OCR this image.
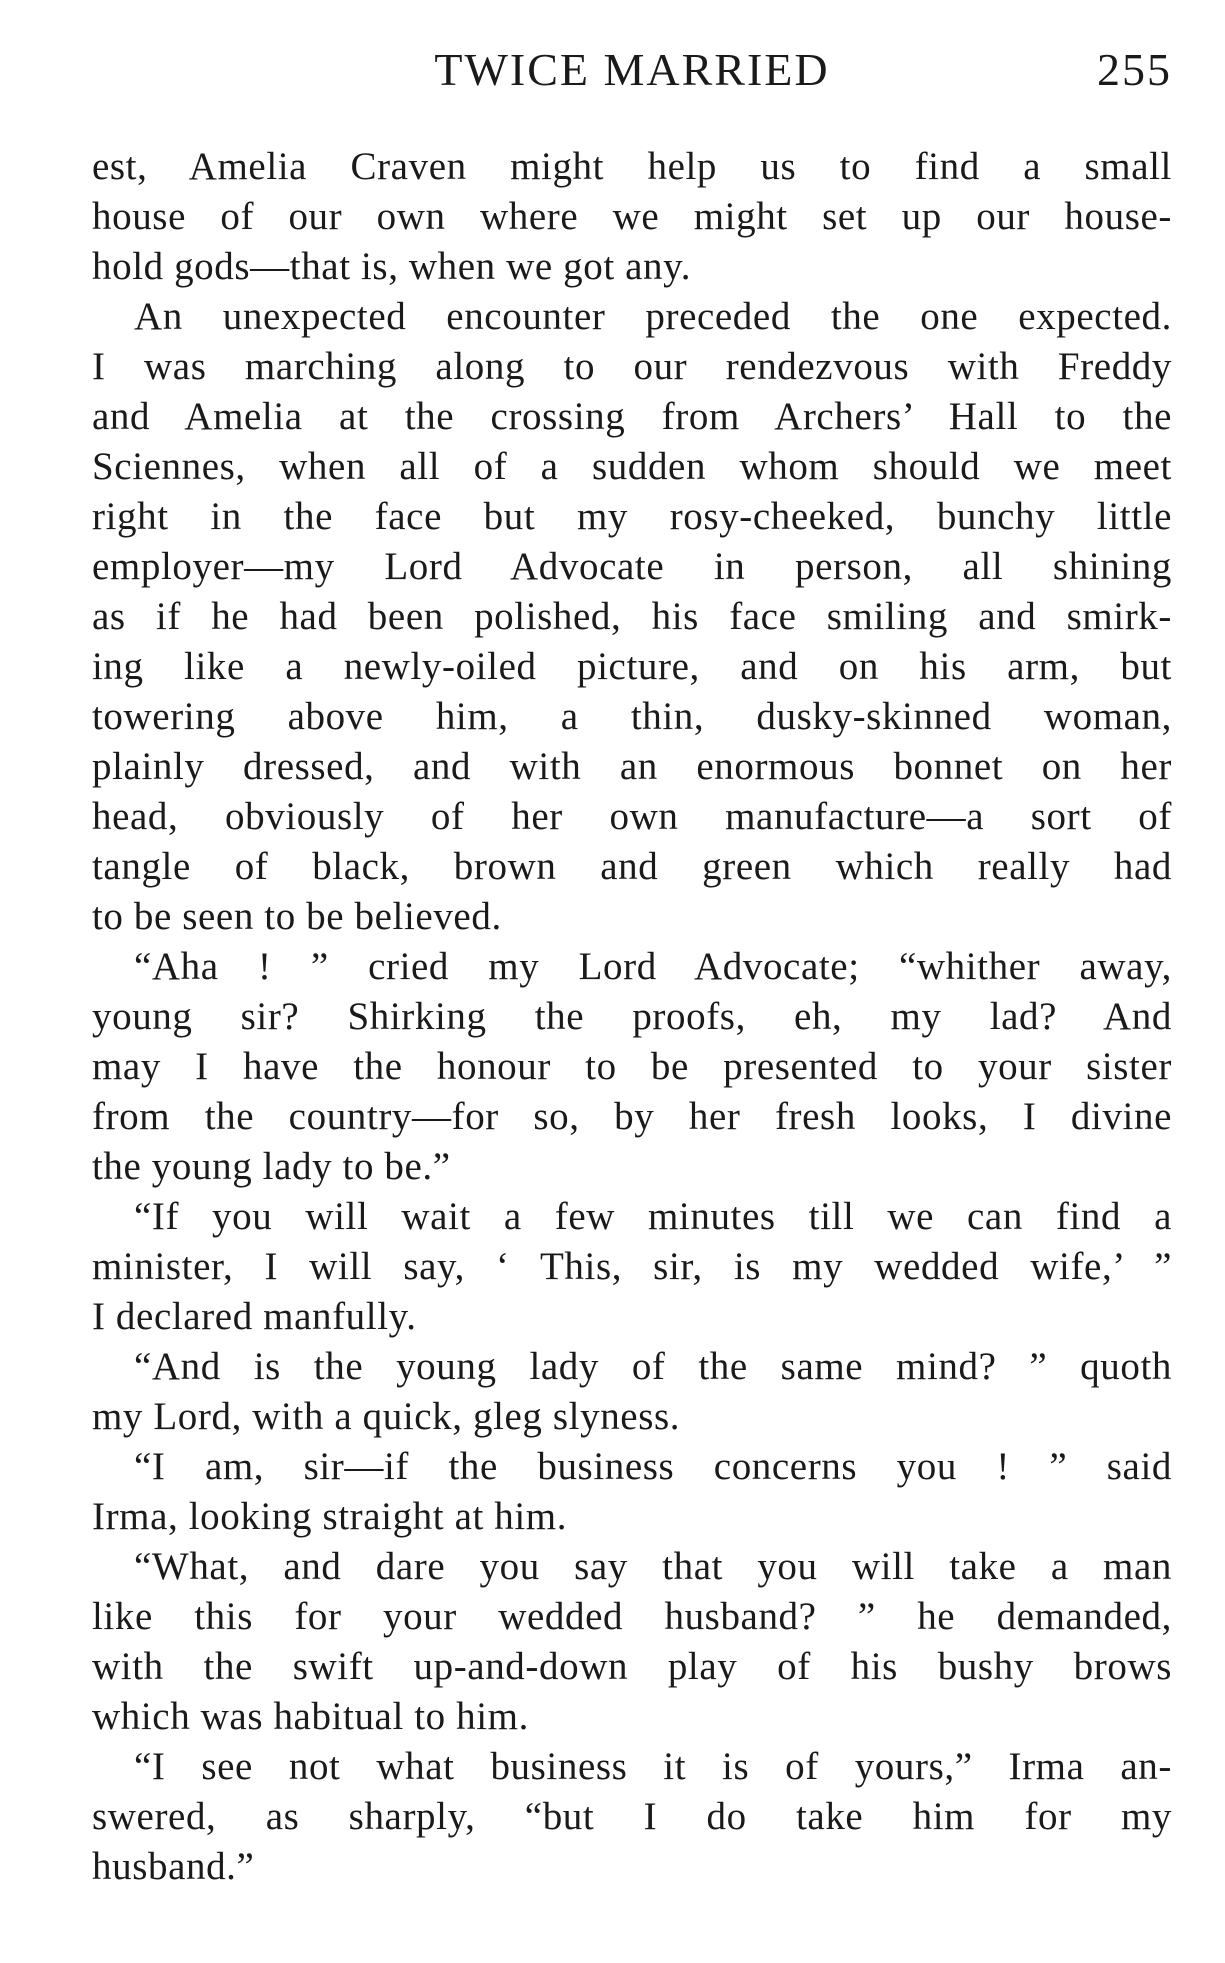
TWICE MARRIED	255

est, Amelia Craven might help us to find a small

house of our own where we might set up our house-

hold gods—that is, when we got any.

An unexpected encounter preceded the one expected.

I was marching along to our rendezvous with Freddy

and Amelia at the crossing from Archers’ Hall to the

Sciennes, when all of a sudden whom should we meet

right in the face but my rosy-cheeked, bunchy little

employer—my Lord Advocate in person, all shining

as if he had been polished, his face smiling and smirk-

ing like a newly-oiled picture, and on his arm, but

towering above him, a thin, dusky-skinned woman,

plainly dressed, and with an enormous bonnet on her

head, obviously of her own manufacture—a sort of

tangle of black, brown and green which really had

to be seen to be believed.

“Aha ! ” cried my Lord Advocate; “whither away,

young sir? Shirking the proofs, eh, my lad? And

may I have the honour to be presented to your sister

from the country—for so, by her fresh looks, I divine

the young lady to be.”

“If you will wait a few minutes till we can find a

minister, I will say, ‘ This, sir, is my wedded wife,’ ”

I declared manfully.

“And is the young lady of the same mind? ” quoth

my Lord, with a quick, gleg slyness.

“I am, sir—if the business concerns you ! ” said

Irma, looking straight at him.

“What, and dare you say that you will take a man

like this for your wedded husband? ” he demanded,

with the swift up-and-down play of his bushy brows

which was habitual to him.

“I see not what business it is of yours,” Irma an-

swered, as sharply, “but I do take him for my

husband.”
